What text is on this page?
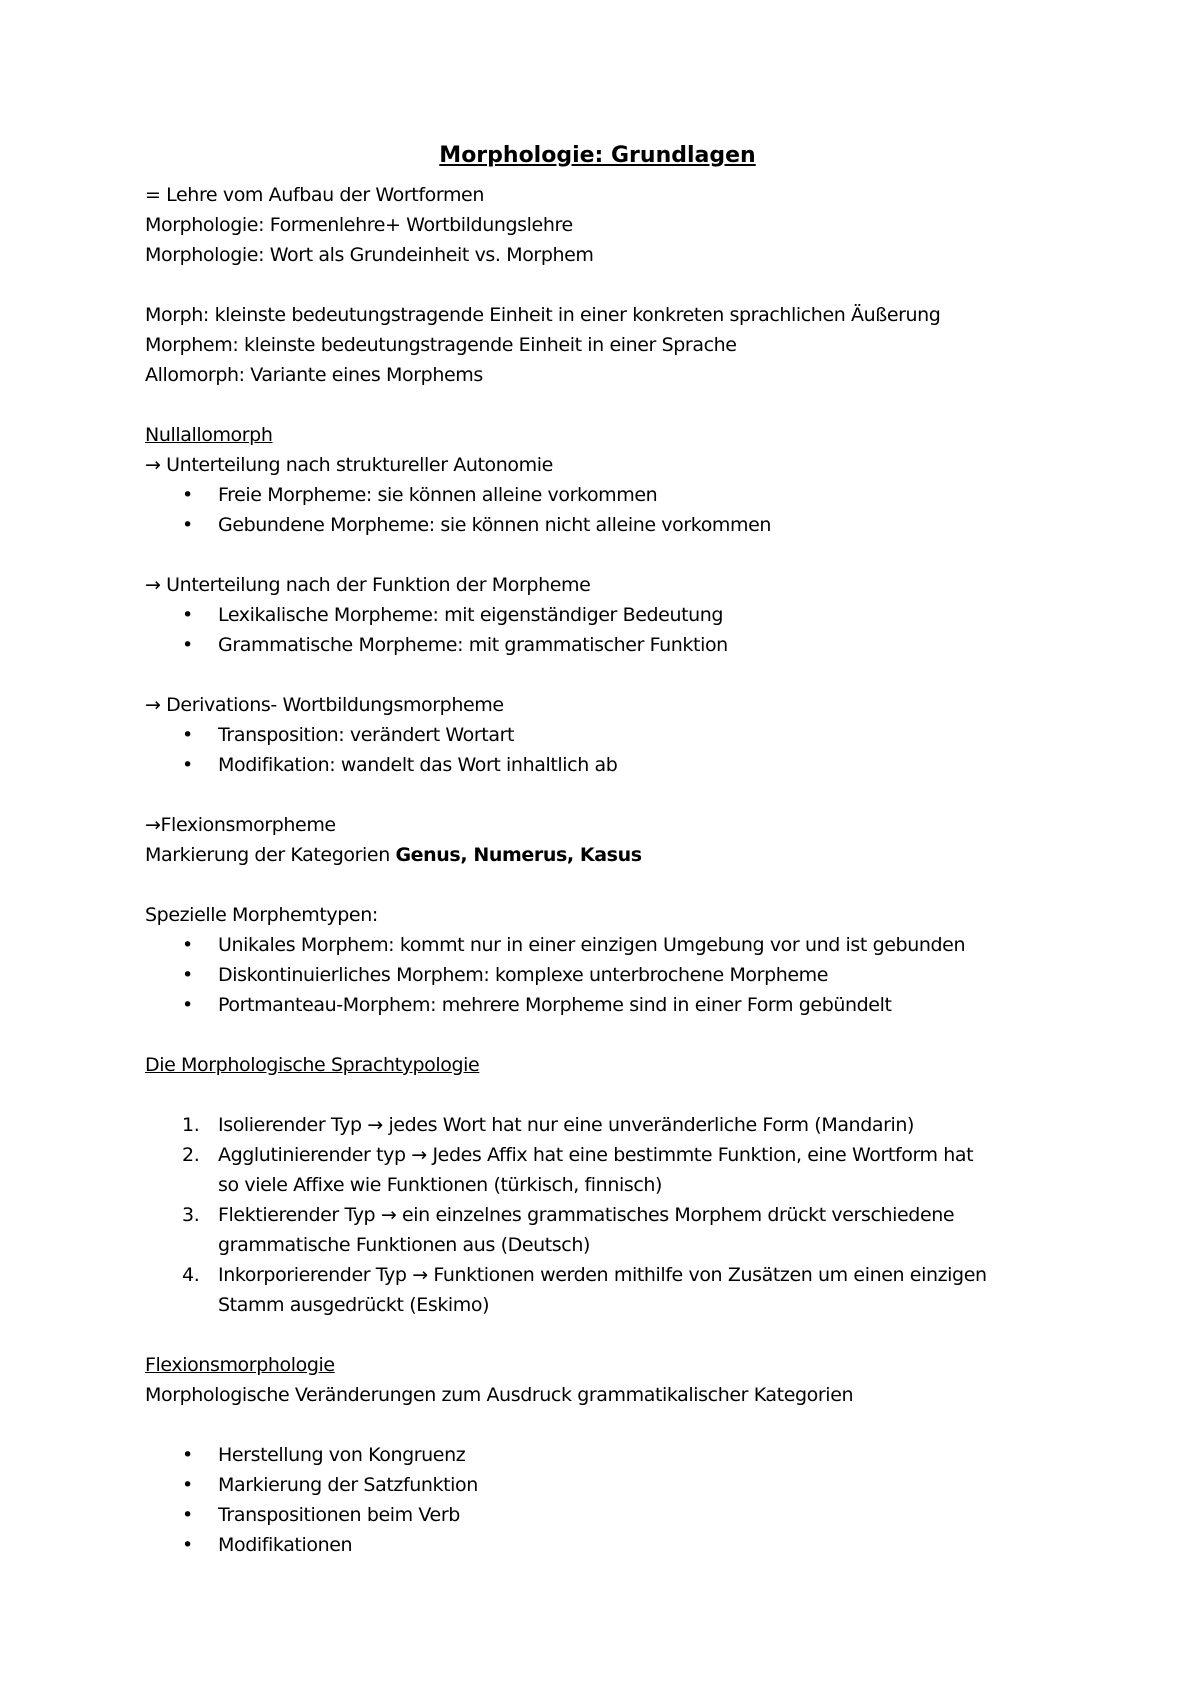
Morphologie: Grundlagen

= Lehre vom Aufbau der Wortformen
Morphologie: Formenlehre+ Wortbildungslehre
Morphologie: Wort als Grundeinheit vs. Morphem
Morph: kleinste bedeutungstragende Einheit in einer konkreten sprachlichen Äußerung
Morphem: kleinste bedeutungstragende Einheit in einer Sprache
Allomorph: Variante eines Morphems
Nullallomorph
→ Unterteilung nach struktureller Autonomie
• Freie Morpheme: sie können alleine vorkommen
• Gebundene Morpheme: sie können nicht alleine vorkommen
→ Unterteilung nach der Funktion der Morpheme
• Lexikalische Morpheme: mit eigenständiger Bedeutung
• Grammatische Morpheme: mit grammatischer Funktion
→ Derivations- Wortbildungsmorpheme
• Transposition: verändert Wortart
• Modifikation: wandelt das Wort inhaltlich ab
→Flexionsmorpheme
Markierung der Kategorien Genus, Numerus, Kasus
Spezielle Morphemtypen:
• Unikales Morphem: kommt nur in einer einzigen Umgebung vor und ist gebunden
• Diskontinuierliches Morphem: komplexe unterbrochene Morpheme
• Portmanteau-Morphem: mehrere Morpheme sind in einer Form gebündelt
Die Morphologische Sprachtypologie
1. Isolierender Typ → jedes Wort hat nur eine unveränderliche Form (Mandarin)
2. Agglutinierender typ → Jedes Affix hat eine bestimmte Funktion, eine Wortform hat
so viele Affixe wie Funktionen (türkisch, finnisch)
3. Flektierender Typ → ein einzelnes grammatisches Morphem drückt verschiedene
grammatische Funktionen aus (Deutsch)
4. Inkorporierender Typ → Funktionen werden mithilfe von Zusätzen um einen einzigen
Stamm ausgedrückt (Eskimo)
Flexionsmorphologie
Morphologische Veränderungen zum Ausdruck grammatikalischer Kategorien
• Herstellung von Kongruenz
• Markierung der Satzfunktion
• Transpositionen beim Verb
• Modifikationen
